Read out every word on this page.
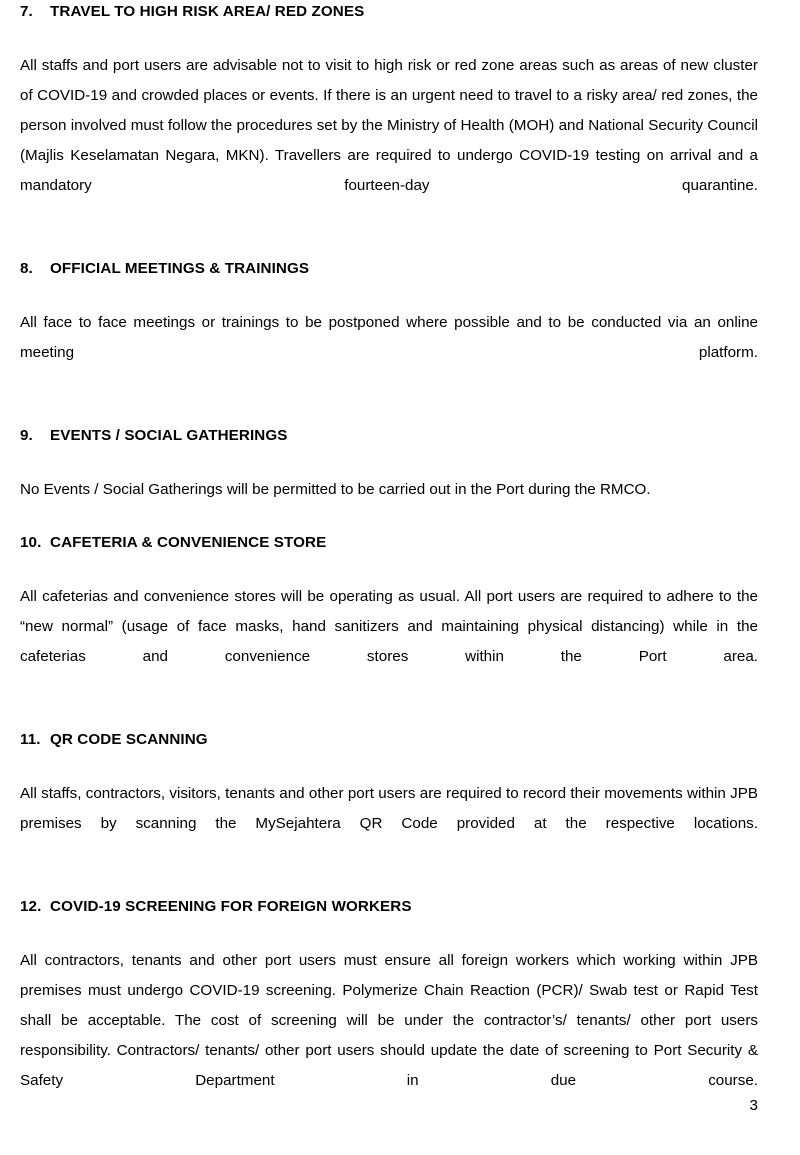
7.	TRAVEL TO HIGH RISK AREA/ RED ZONES

All staffs and port users are advisable not to visit to high risk or red zone areas such as areas of new cluster of COVID-19 and crowded places or events. If there is an urgent need to travel to a risky area/ red zones, the person involved must follow the procedures set by the Ministry of Health (MOH) and National Security Council (Majlis Keselamatan Negara, MKN). Travellers are required to undergo COVID-19 testing on arrival and a mandatory fourteen-day quarantine.

8.	OFFICIAL MEETINGS & TRAININGS

All face to face meetings or trainings to be postponed where possible and to be conducted via an online meeting platform.

9.	EVENTS / SOCIAL GATHERINGS

No Events / Social Gatherings will be permitted to be carried out in the Port during the RMCO.

10. CAFETERIA & CONVENIENCE STORE

All cafeterias and convenience stores will be operating as usual. All port users are required to adhere to the “new normal” (usage of face masks, hand sanitizers and maintaining physical distancing) while in the cafeterias and convenience stores within the Port area.

11. QR CODE SCANNING

All staffs, contractors, visitors, tenants and other port users are required to record their movements within JPB premises by scanning the MySejahtera QR Code provided at the respective locations.

12. COVID-19 SCREENING FOR FOREIGN WORKERS

All contractors, tenants and other port users must ensure all foreign workers which working within JPB premises must undergo COVID-19 screening. Polymerize Chain Reaction (PCR)/ Swab test or Rapid Test shall be acceptable. The cost of screening will be under the contractor’s/ tenants/ other port users responsibility. Contractors/ tenants/ other port users should update the date of screening to Port Security & Safety Department in due course.

3
